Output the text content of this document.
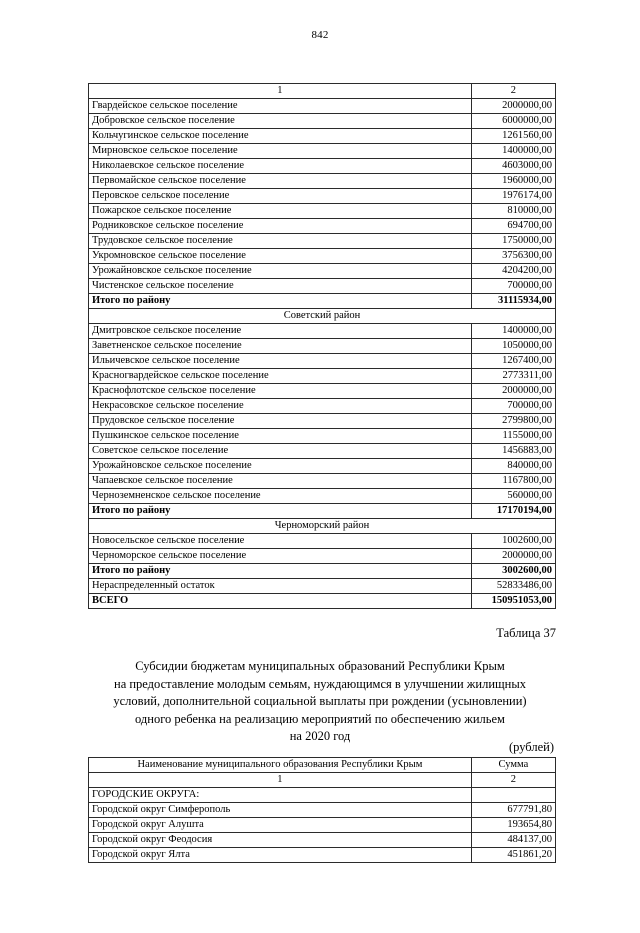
842
1	2
Гвардейское сельское поселение	2000000,00
Добровское сельское поселение	6000000,00
Кольчугинское сельское поселение	1261560,00
Мирновское сельское поселение	1400000,00
Николаевское сельское поселение	4603000,00
Первомайское сельское поселение	1960000,00
Перовское сельское поселение	1976174,00
Пожарское сельское поселение	810000,00
Родниковское сельское поселение	694700,00
Трудовское сельское поселение	1750000,00
Укромновское сельское поселение	3756300,00
Урожайновское сельское поселение	4204200,00
Чистенское сельское поселение	700000,00
Итого по району	31115934,00
Советский район	
Дмитровское сельское поселение	1400000,00
Заветненское сельское поселение	1050000,00
Ильичевское сельское поселение	1267400,00
Красногвардейское сельское поселение	2773311,00
Краснофлотское сельское поселение	2000000,00
Некрасовское сельское поселение	700000,00
Прудовское сельское поселение	2799800,00
Пушкинское сельское поселение	1155000,00
Советское сельское поселение	1456883,00
Урожайновское сельское поселение	840000,00
Чапаевское сельское поселение	1167800,00
Черноземненское сельское поселение	560000,00
Итого по району	17170194,00
Черноморский район	
Новосельское сельское поселение	1002600,00
Черноморское сельское поселение	2000000,00
Итого по району	3002600,00
Нераспределенный остаток	52833486,00
ВСЕГО	150951053,00
Таблица 37
Субсидии бюджетам муниципальных образований Республики Крым
на предоставление молодым семьям, нуждающимся в улучшении жилищных
условий, дополнительной социальной выплаты при рождении (усыновлении)
одного ребенка на реализацию мероприятий по обеспечению жильем
на 2020 год
(рублей)
Наименование муниципального образования Республики Крым	Сумма
1	2
ГОРОДСКИЕ ОКРУГА:	
Городской округ Симферополь	677791,80
Городской округ Алушта	193654,80
Городской округ Феодосия	484137,00
Городской округ Ялта	451861,20
